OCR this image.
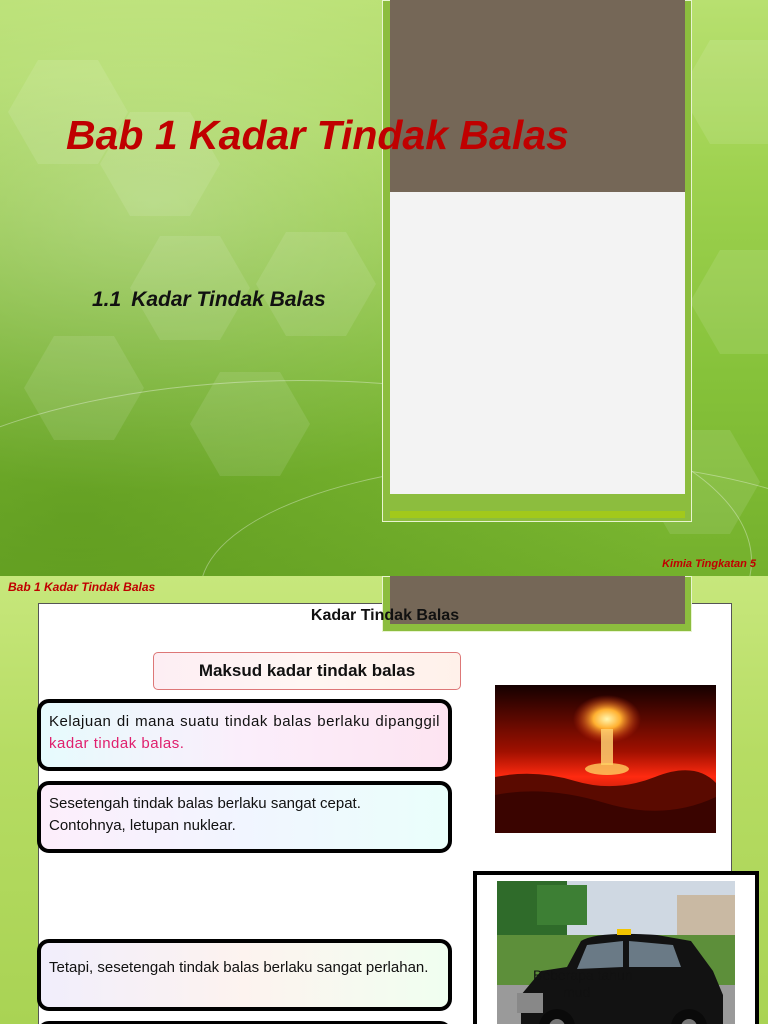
Bab 1 Kadar Tindak Balas

1.1 Kadar Tindak Balas

Kimia Tingkatan 5
Bab 1 Kadar Tindak Balas
Kadar Tindak Balas
Maksud kadar tindak balas
Kelajuan di mana suatu tindak balas berlaku dipanggil kadar tindak balas.
Sesetengah tindak balas berlaku sangat cepat. Contohnya, letupan nuklear.
Tetapi, sesetengah tindak balas berlaku sangat perlahan.	Beberapa tahun
mud
